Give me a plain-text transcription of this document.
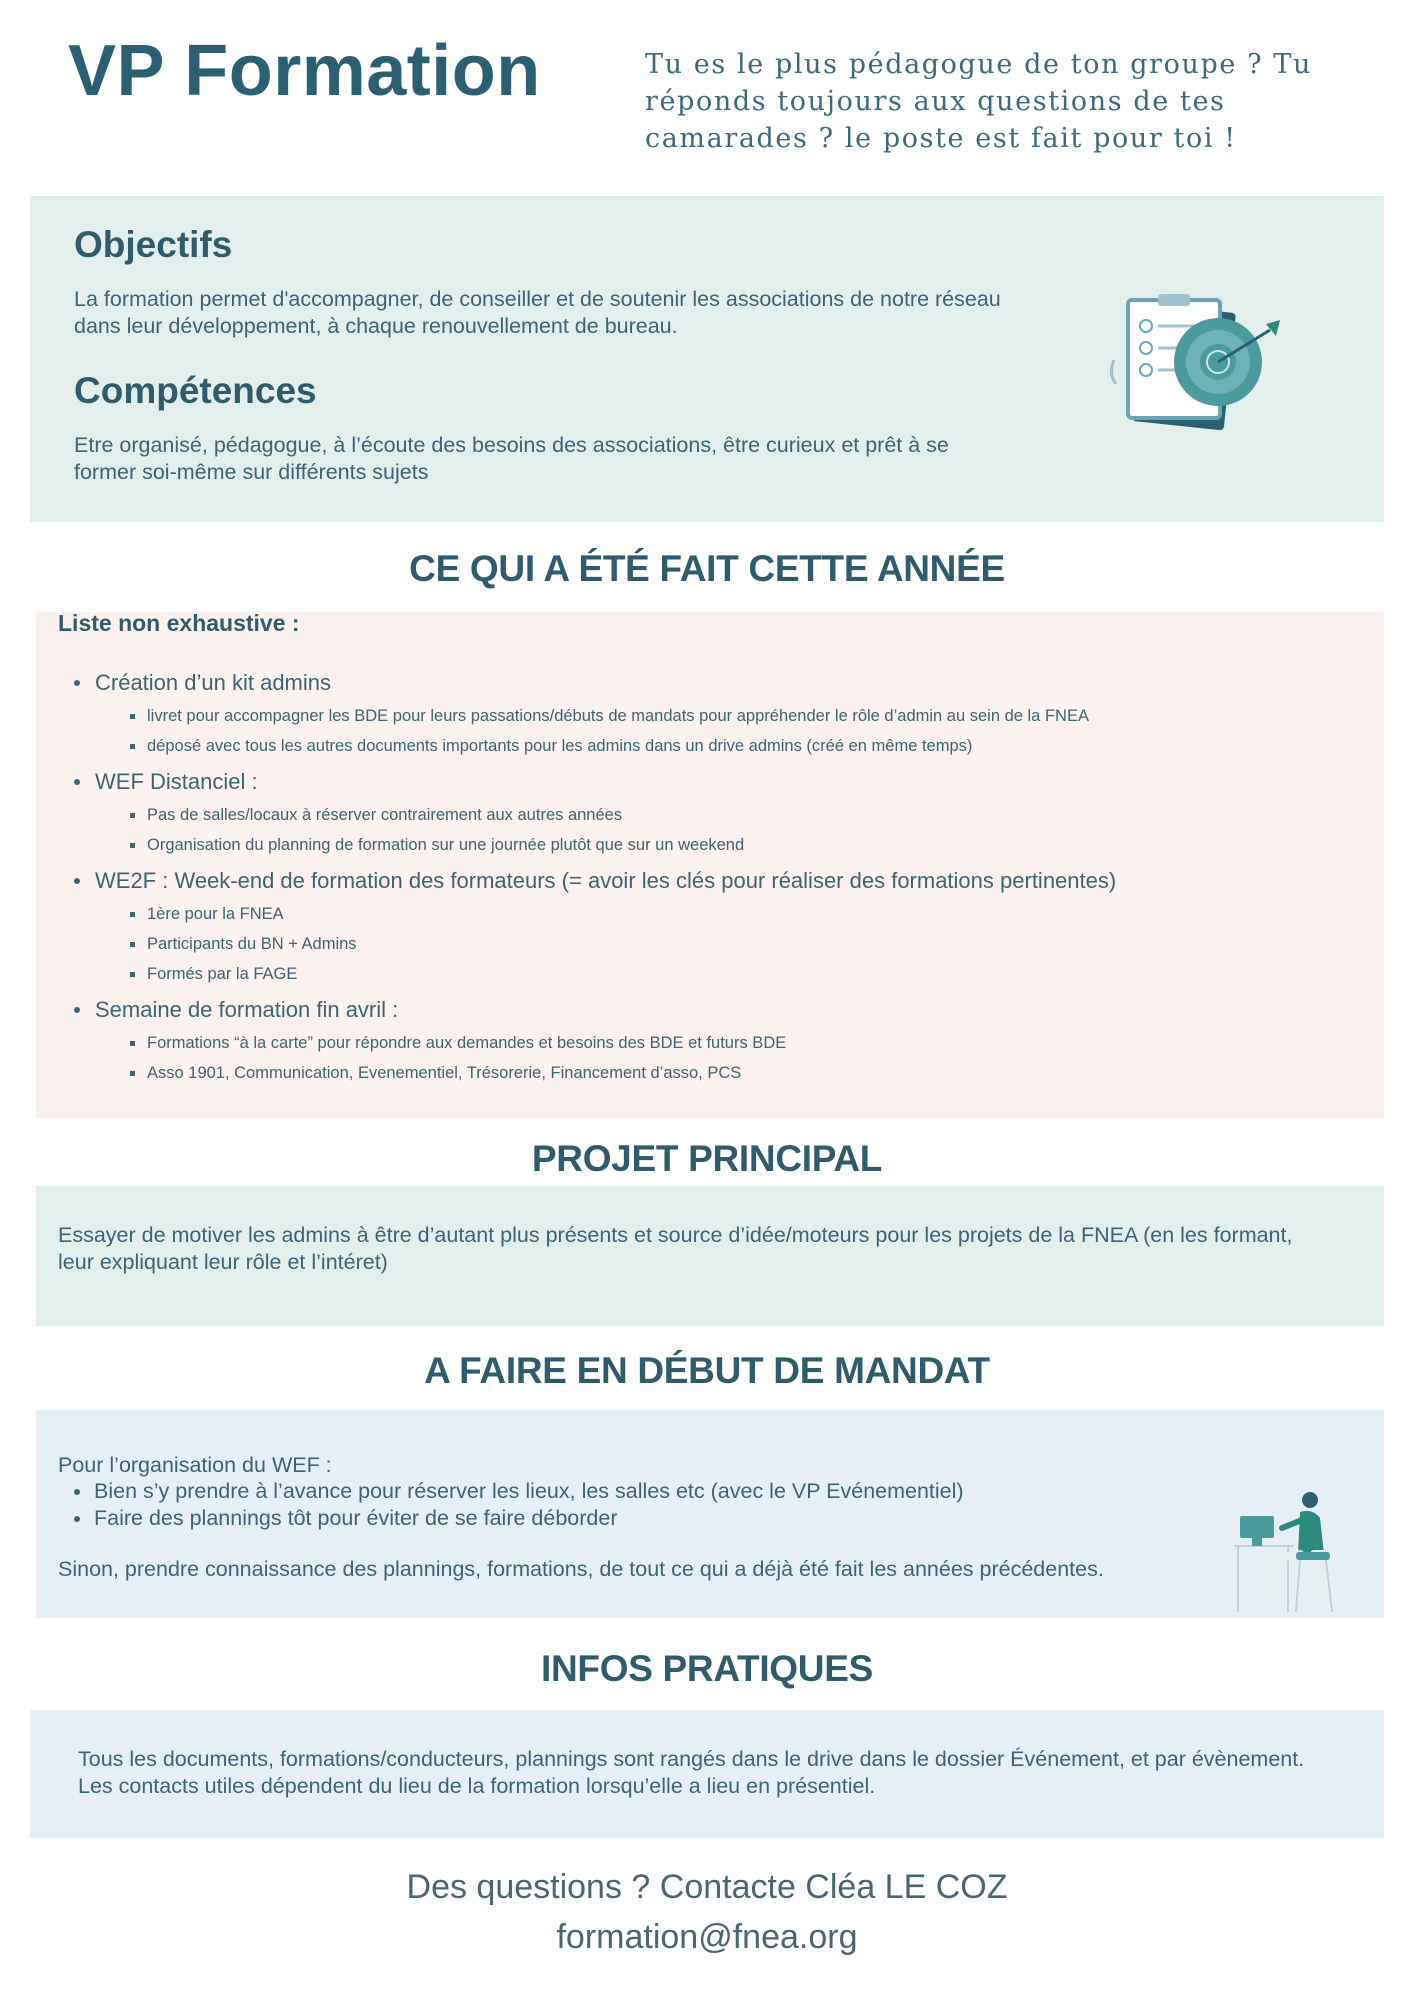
VP Formation	Tu es le plus pédagogue de ton groupe ? Tu réponds toujours aux questions de tes camarades ? le poste est fait pour toi !

Objectifs

La formation permet d'accompagner, de conseiller et de soutenir les associations de notre réseau dans leur développement, à chaque renouvellement de bureau.

Compétences

Etre organisé, pédagogue, à l’écoute des besoins des associations, être curieux et prêt à se former soi-même sur différents sujets

CE QUI A ÉTÉ FAIT CETTE ANNÉE

Liste non exhaustive :

Création d’un kit admins
livret pour accompagner les BDE pour leurs passations/débuts de mandats pour appréhender le rôle d’admin au sein de la FNEA
déposé avec tous les autres documents importants pour les admins dans un drive admins (créé en même temps)
WEF Distanciel :
Pas de salles/locaux à réserver contrairement aux autres années
Organisation du planning de formation sur une journée plutôt que sur un weekend
WE2F : Week-end de formation des formateurs (= avoir les clés pour réaliser des formations pertinentes)
1ère pour la FNEA
Participants du BN + Admins
Formés par la FAGE
Semaine de formation fin avril :
Formations “à la carte” pour répondre aux demandes et besoins des BDE et futurs BDE
Asso 1901, Communication, Evenementiel, Trésorerie, Financement d’asso, PCS
PROJET PRINCIPAL

Essayer de motiver les admins à être d’autant plus présents et source d’idée/moteurs pour les projets de la FNEA (en les formant, leur expliquant leur rôle et l’intéret)

A FAIRE EN DÉBUT DE MANDAT

Pour l’organisation du WEF :

Bien s’y prendre à l’avance pour réserver les lieux, les salles etc (avec le VP Evénementiel)
Faire des plannings tôt pour éviter de se faire déborder

Sinon, prendre connaissance des plannings, formations, de tout ce qui a déjà été fait les années précédentes.

INFOS PRATIQUES

Tous les documents, formations/conducteurs, plannings sont rangés dans le drive dans le dossier Événement, et par évènement. Les contacts utiles dépendent du lieu de la formation lorsqu’elle a lieu en présentiel.

Des questions ? Contacte Cléa LE COZ

formation@fnea.org
